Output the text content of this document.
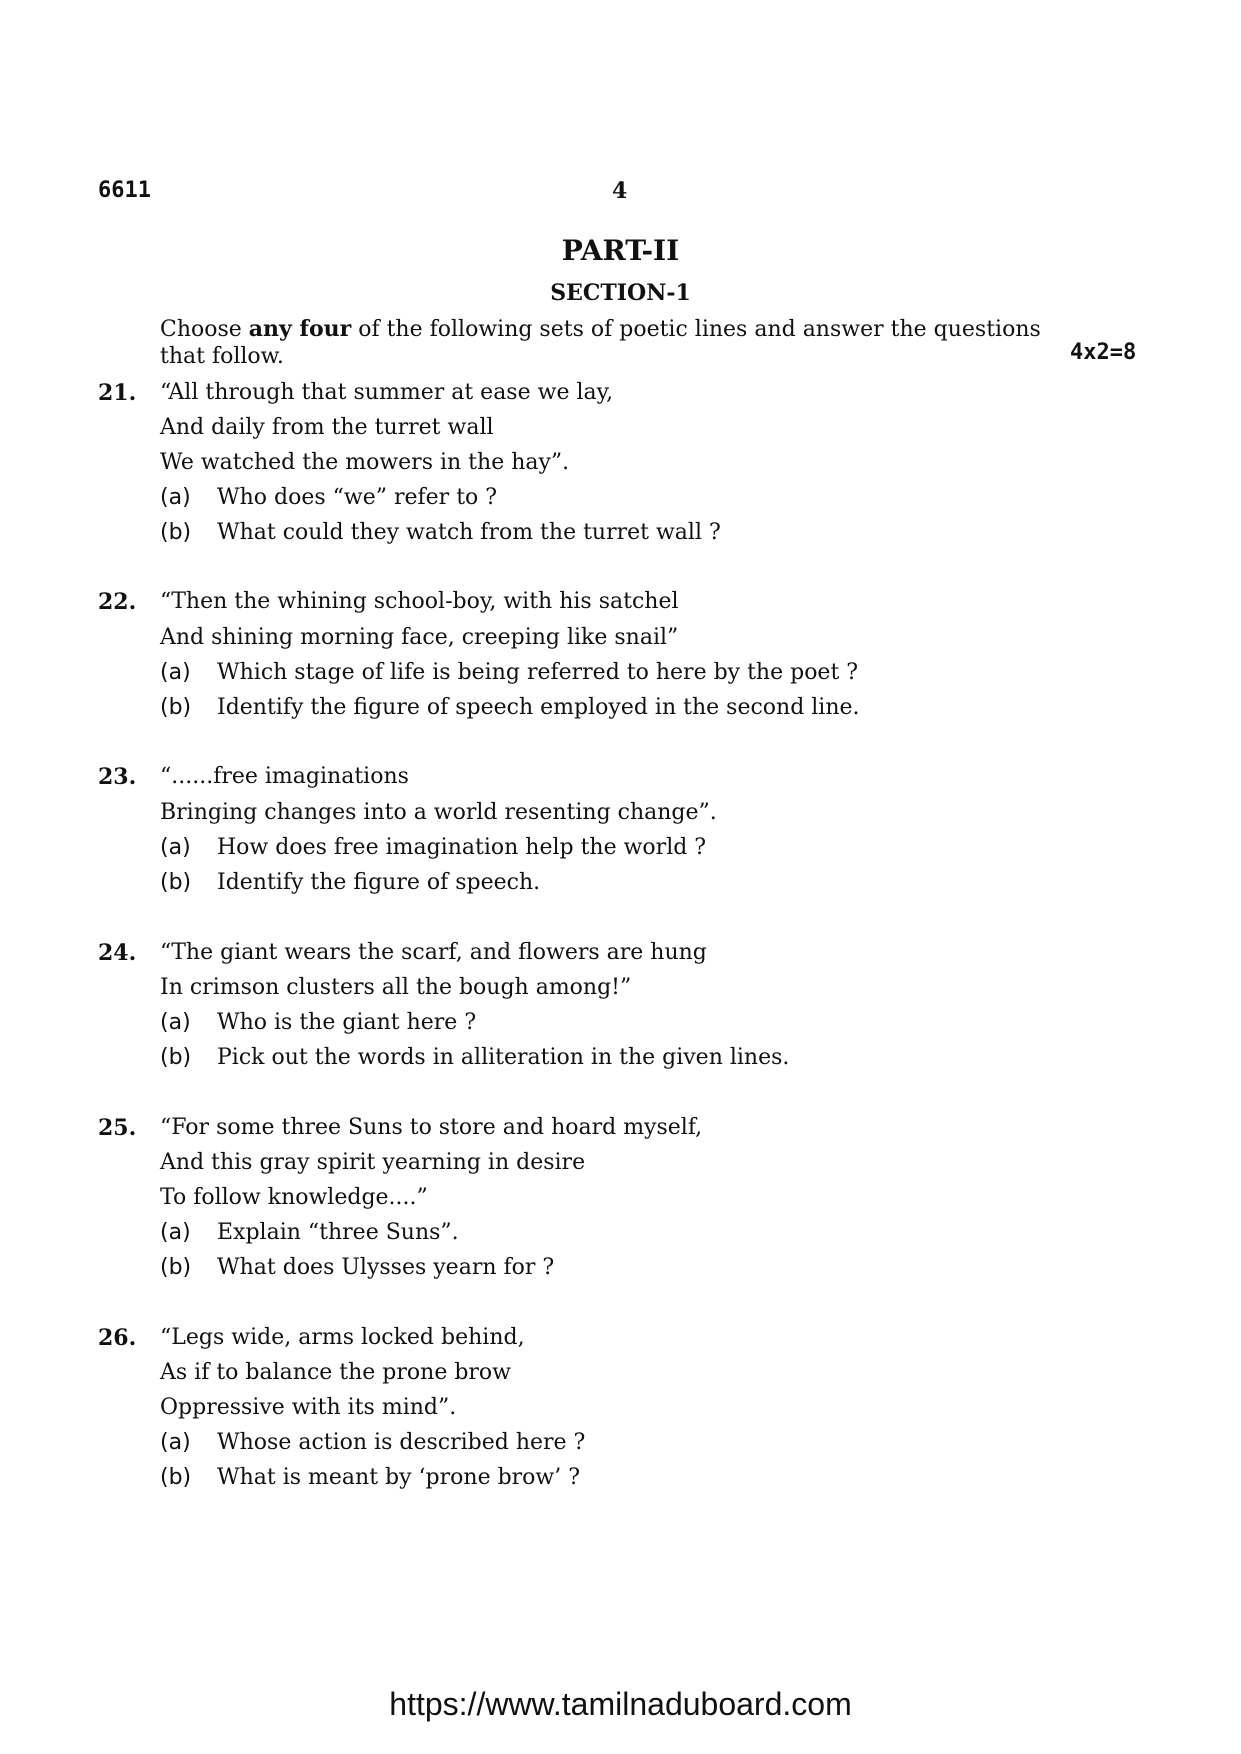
6611	4
PART-II
SECTION-1
Choose any four of the following sets of poetic lines and answer the questions that follow.	4x2=8
21. “All through that summer at ease we lay,
And daily from the turret wall
We watched the mowers in the hay”.
(a) Who does “we” refer to ?
(b) What could they watch from the turret wall ?
22. “Then the whining school-boy, with his satchel
And shining morning face, creeping like snail”
(a) Which stage of life is being referred to here by the poet ?
(b) Identify the figure of speech employed in the second line.
23. “......free imaginations
Bringing changes into a world resenting change”.
(a) How does free imagination help the world ?
(b) Identify the figure of speech.
24. “The giant wears the scarf, and flowers are hung
In crimson clusters all the bough among!”
(a) Who is the giant here ?
(b) Pick out the words in alliteration in the given lines.
25. “For some three Suns to store and hoard myself,
And this gray spirit yearning in desire
To follow knowledge....”
(a) Explain “three Suns”.
(b) What does Ulysses yearn for ?
26. “Legs wide, arms locked behind,
As if to balance the prone brow
Oppressive with its mind”.
(a) Whose action is described here ?
(b) What is meant by ‘prone brow’ ?
https://www.tamilnaduboard.com
